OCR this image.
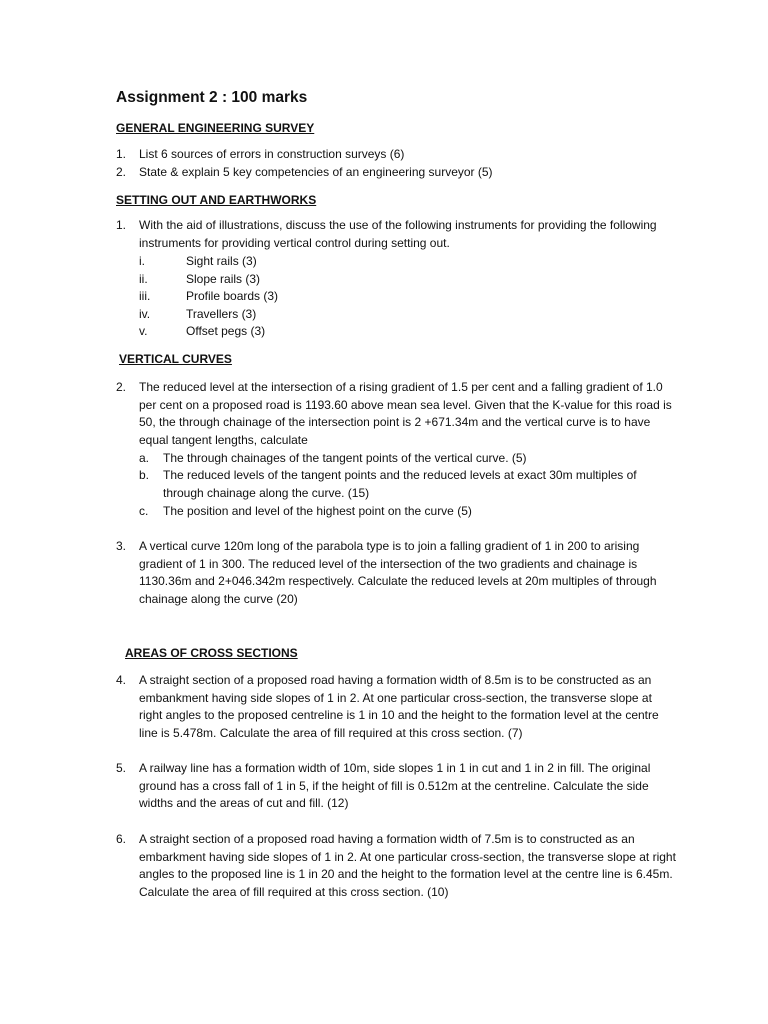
Assignment 2 : 100 marks
GENERAL ENGINEERING SURVEY
1.	List 6 sources of errors in construction surveys (6)
2.	State & explain 5 key competencies of an engineering surveyor (5)
SETTING OUT AND EARTHWORKS
1.	With the aid of illustrations, discuss the use of the following instruments for providing the following instruments for providing vertical control during setting out.
i.	Sight rails (3)
ii.	Slope rails (3)
iii.	Profile boards (3)
iv.	Travellers (3)
v.	Offset pegs (3)
VERTICAL CURVES
2.	The reduced level at the intersection of a rising gradient of 1.5 per cent and a falling gradient of 1.0 per cent on a proposed road is 1193.60 above mean sea level. Given that the K-value for this road is 50, the through chainage of the intersection point is 2 +671.34m and the vertical curve is to have equal tangent lengths, calculate
a.	The through chainages of the tangent points of the vertical curve. (5)
b.	The reduced levels of the tangent points and the reduced levels at exact 30m multiples of through chainage along the curve. (15)
c.	The position and level of the highest point on the curve (5)
3.	A vertical curve 120m long of the parabola type is to join a falling gradient of 1 in 200 to arising gradient of 1 in 300. The reduced level of the intersection of the two gradients and chainage is 1130.36m and 2+046.342m respectively. Calculate the reduced levels at 20m multiples of through chainage along the curve (20)
AREAS OF CROSS SECTIONS
4.	A straight section of a proposed road having a formation width of 8.5m is to be constructed as an embankment having side slopes of 1 in 2. At one particular cross-section, the transverse slope at right angles to the proposed centreline is 1 in 10 and the height to the formation level at the centre line is 5.478m. Calculate the area of fill required at this cross section. (7)
5.	A railway line has a formation width of 10m, side slopes 1 in 1 in cut and 1 in 2 in fill. The original ground has a cross fall of 1 in 5, if the height of fill is 0.512m at the centreline. Calculate the side widths and the areas of cut and fill. (12)
6.	A straight section of a proposed road having a formation width of 7.5m is to constructed as an embarkment having side slopes of 1 in 2. At one particular cross-section, the transverse slope at right angles to the proposed line is 1 in 20 and the height to the formation level at the centre line is 6.45m. Calculate the area of fill required at this cross section. (10)
